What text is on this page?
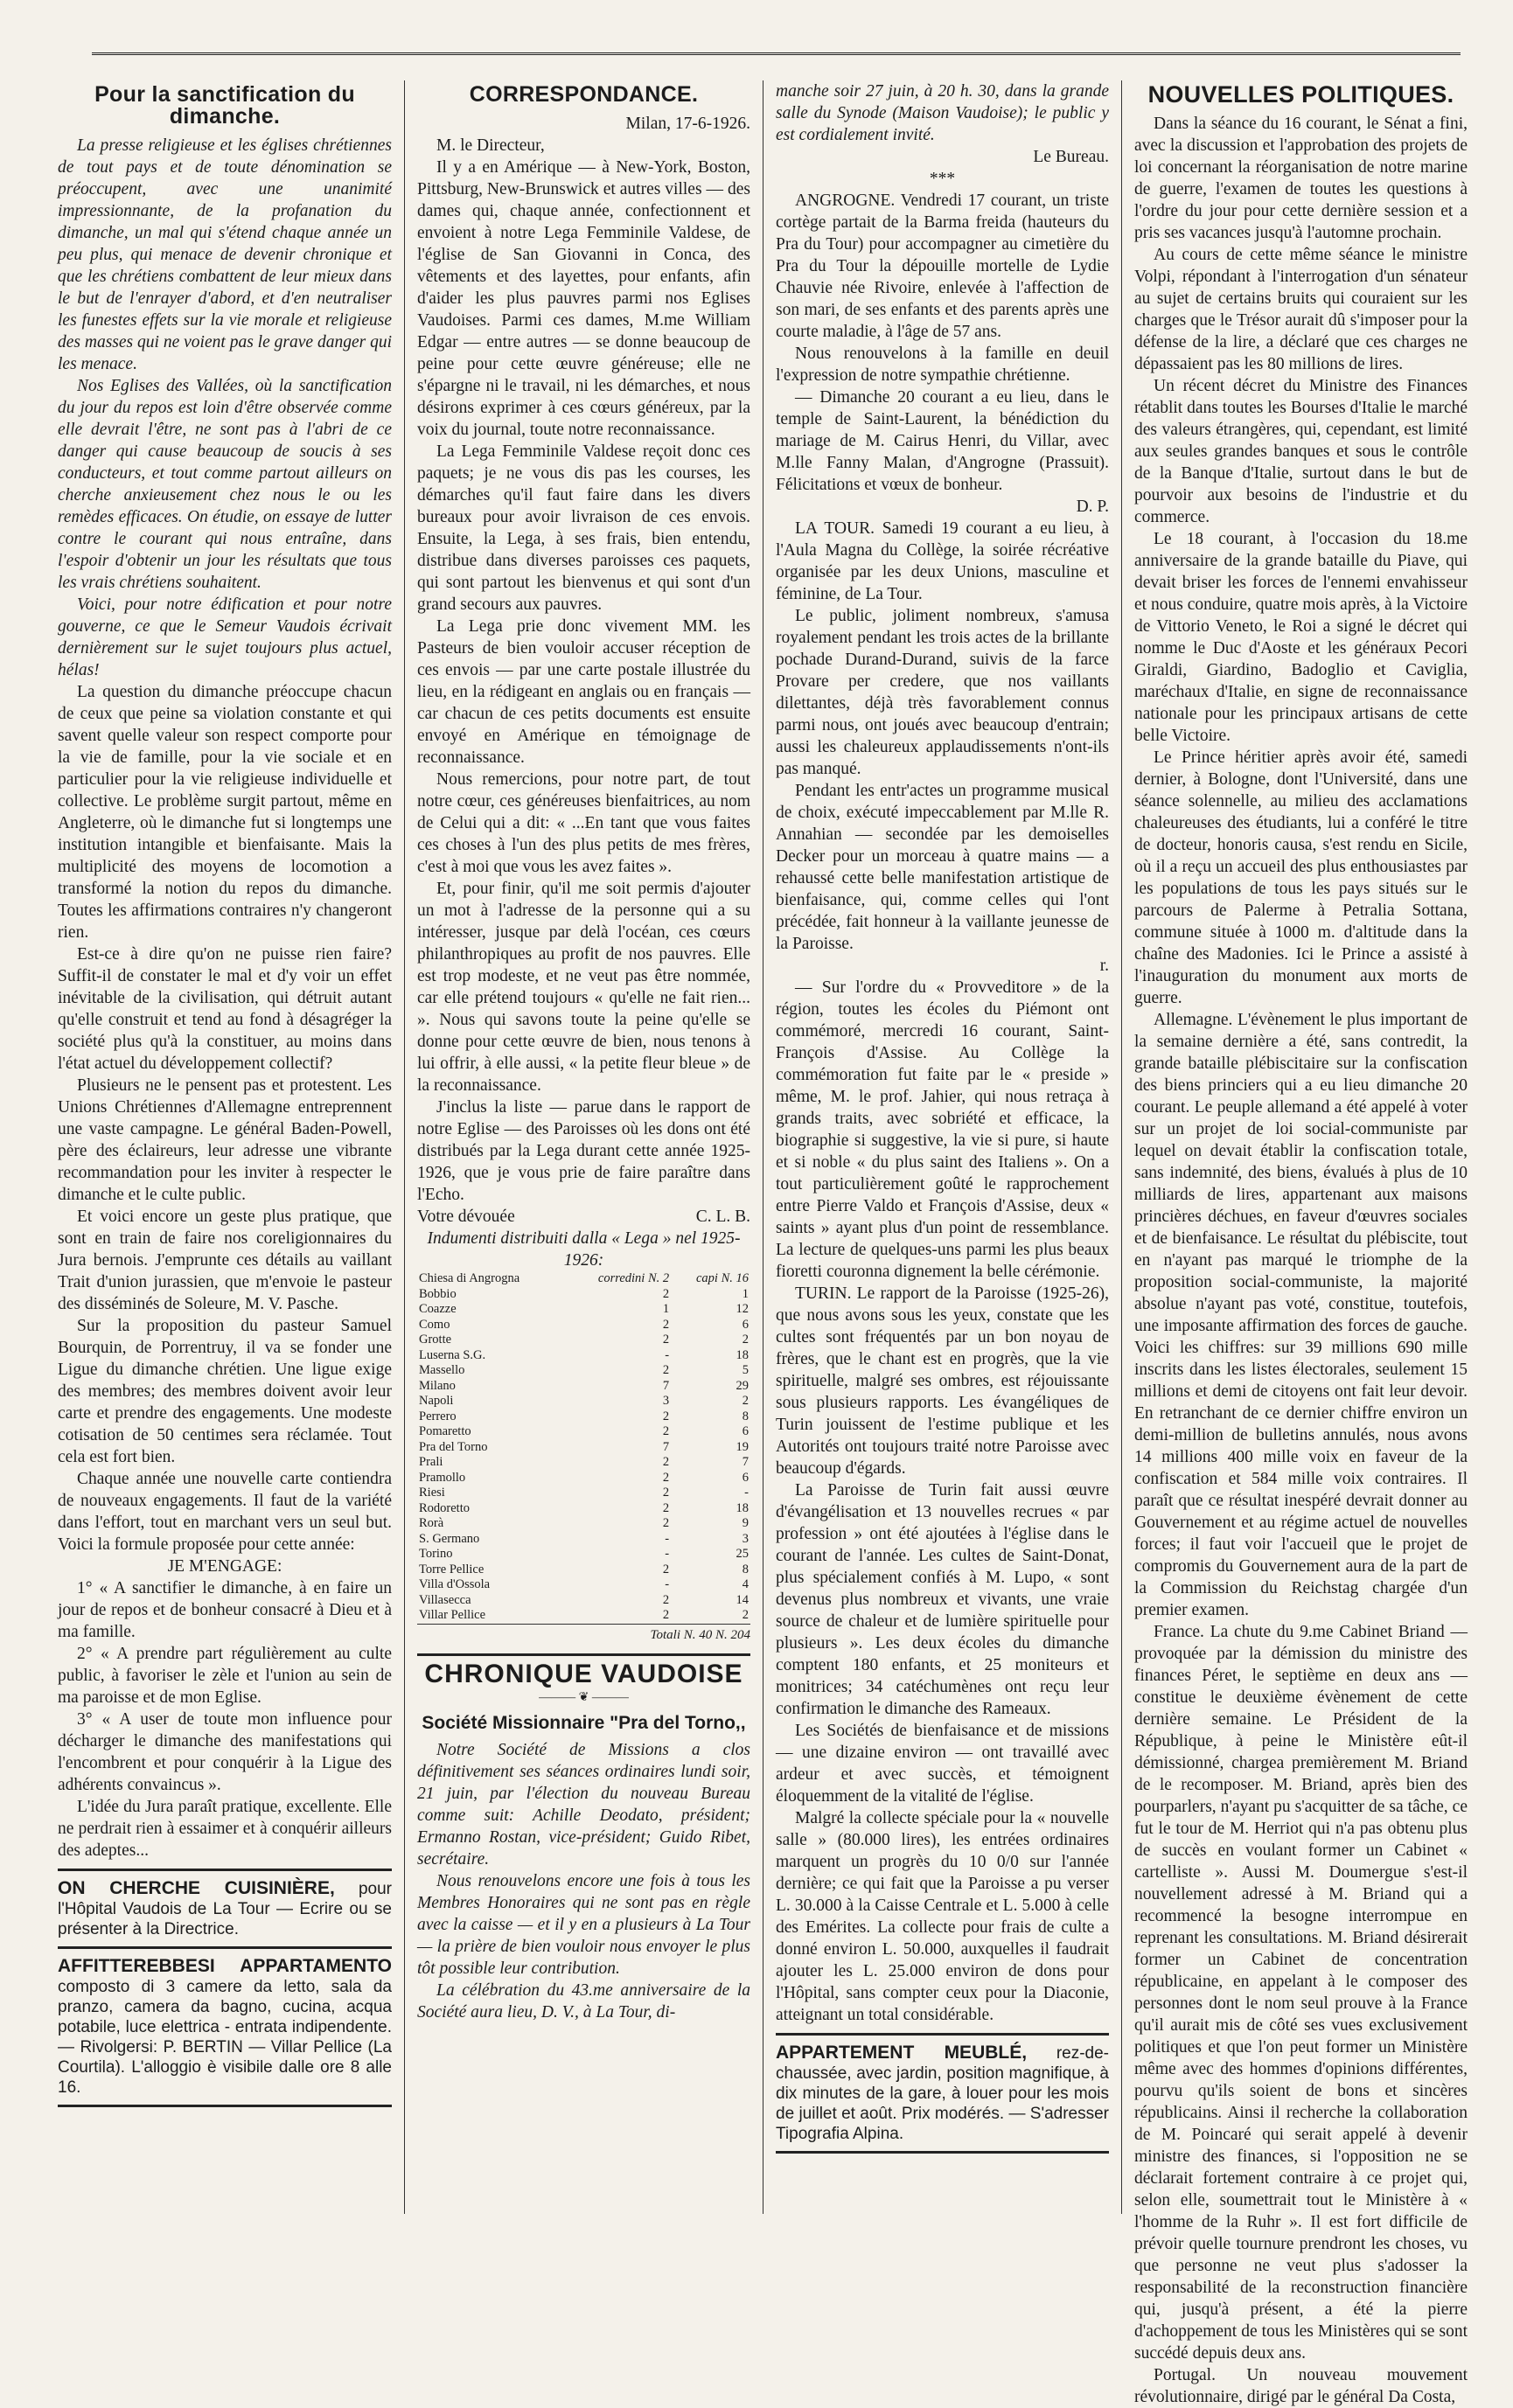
Pour la sanctification du dimanche.

La presse religieuse et les églises chrétiennes de tout pays et de toute dénomination se préoccupent, avec une unanimité impressionnante, de la profanation du dimanche, un mal qui s'étend chaque année un peu plus, qui menace de devenir chronique et que les chrétiens combattent de leur mieux dans le but de l'enrayer d'abord, et d'en neutraliser les funestes effets sur la vie morale et religieuse des masses qui ne voient pas le grave danger qui les menace.

Nos Eglises des Vallées, où la sanctification du jour du repos est loin d'être observée comme elle devrait l'être, ne sont pas à l'abri de ce danger qui cause beaucoup de soucis à ses conducteurs, et tout comme partout ailleurs on cherche anxieusement chez nous le ou les remèdes efficaces. On étudie, on essaye de lutter contre le courant qui nous entraîne, dans l'espoir d'obtenir un jour les résultats que tous les vrais chrétiens souhaitent.

Voici, pour notre édification et pour notre gouverne, ce que le Semeur Vaudois écrivait dernièrement sur le sujet toujours plus actuel, hélas!

La question du dimanche préoccupe chacun de ceux que peine sa violation constante et qui savent quelle valeur son respect comporte pour la vie de famille, pour la vie sociale et en particulier pour la vie religieuse individuelle et collective. Le problème surgit partout, même en Angleterre, où le dimanche fut si longtemps une institution intangible et bienfaisante. Mais la multiplicité des moyens de locomotion a transformé la notion du repos du dimanche. Toutes les affirmations contraires n'y changeront rien.

Est-ce à dire qu'on ne puisse rien faire? Suffit-il de constater le mal et d'y voir un effet inévitable de la civilisation, qui détruit autant qu'elle construit et tend au fond à désagréger la société plus qu'à la constituer, au moins dans l'état actuel du développement collectif?

Plusieurs ne le pensent pas et protestent. Les Unions Chrétiennes d'Allemagne entreprennent une vaste campagne. Le général Baden-Powell, père des éclaireurs, leur adresse une vibrante recommandation pour les inviter à respecter le dimanche et le culte public.

Et voici encore un geste plus pratique, que sont en train de faire nos coreligionnaires du Jura bernois. J'emprunte ces détails au vaillant Trait d'union jurassien, que m'envoie le pasteur des disséminés de Soleure, M. V. Pasche.

Sur la proposition du pasteur Samuel Bourquin, de Porrentruy, il va se fonder une Ligue du dimanche chrétien. Une ligue exige des membres; des membres doivent avoir leur carte et prendre des engagements. Une modeste cotisation de 50 centimes sera réclamée. Tout cela est fort bien.

Chaque année une nouvelle carte contiendra de nouveaux engagements. Il faut de la variété dans l'effort, tout en marchant vers un seul but. Voici la formule proposée pour cette année:

JE M'ENGAGE:

1° « A sanctifier le dimanche, à en faire un jour de repos et de bonheur consacré à Dieu et à ma famille.

2° « A prendre part régulièrement au culte public, à favoriser le zèle et l'union au sein de ma paroisse et de mon Eglise.

3° « A user de toute mon influence pour décharger le dimanche des manifestations qui l'encombrent et pour conquérir à la Ligue des adhérents convaincus ».

L'idée du Jura paraît pratique, excellente. Elle ne perdrait rien à essaimer et à conquérir ailleurs des adeptes...

ON CHERCHE CUISINIÈRE, pour l'Hôpital Vaudois de La Tour — Ecrire ou se présenter à la Directrice.

AFFITTEREBBESI APPARTAMENTO composto di 3 camere da letto, sala da pranzo, camera da bagno, cucina, acqua potabile, luce elettrica - entrata indipendente. — Rivolgersi: P. BERTIN — Villar Pellice (La Courtila). L'alloggio è visibile dalle ore 8 alle 16.

CORRESPONDANCE.

Milan, 17-6-1926.

M. le Directeur,

Il y a en Amérique — à New-York, Boston, Pittsburg, New-Brunswick et autres villes — des dames qui, chaque année, confectionnent et envoient à notre Lega Femminile Valdese, de l'église de San Giovanni in Conca, des vêtements et des layettes, pour enfants, afin d'aider les plus pauvres parmi nos Eglises Vaudoises. Parmi ces dames, M.me William Edgar — entre autres — se donne beaucoup de peine pour cette œuvre généreuse; elle ne s'épargne ni le travail, ni les démarches, et nous désirons exprimer à ces cœurs généreux, par la voix du journal, toute notre reconnaissance.

La Lega Femminile Valdese reçoit donc ces paquets; je ne vous dis pas les courses, les démarches qu'il faut faire dans les divers bureaux pour avoir livraison de ces envois. Ensuite, la Lega, à ses frais, bien entendu, distribue dans diverses paroisses ces paquets, qui sont partout les bienvenus et qui sont d'un grand secours aux pauvres.

La Lega prie donc vivement MM. les Pasteurs de bien vouloir accuser réception de ces envois — par une carte postale illustrée du lieu, en la rédigeant en anglais ou en français — car chacun de ces petits documents est ensuite envoyé en Amérique en témoignage de reconnaissance.

Nous remercions, pour notre part, de tout notre cœur, ces généreuses bienfaitrices, au nom de Celui qui a dit: « ...En tant que vous faites ces choses à l'un des plus petits de mes frères, c'est à moi que vous les avez faites ».

Et, pour finir, qu'il me soit permis d'ajouter un mot à l'adresse de la personne qui a su intéresser, jusque par delà l'océan, ces cœurs philanthropiques au profit de nos pauvres. Elle est trop modeste, et ne veut pas être nommée, car elle prétend toujours « qu'elle ne fait rien... ». Nous qui savons toute la peine qu'elle se donne pour cette œuvre de bien, nous tenons à lui offrir, à elle aussi, « la petite fleur bleue » de la reconnaissance.

J'inclus la liste — parue dans le rapport de notre Eglise — des Paroisses où les dons ont été distribués par la Lega durant cette année 1925-1926, que je vous prie de faire paraître dans l'Echo.

Votre dévouée	C. L. B.

Indumenti distribuiti dalla « Lega » nel 1925-1926:

Chiesa di Angrogna	corredini N. 2	capi N. 16
Bobbio	2	1
Coazze	1	12
Como	2	6
Grotte	2	2
Luserna S.G.	-	18
Massello	2	5
Milano	7	29
Napoli	3	2
Perrero	2	8
Pomaretto	2	6
Pra del Torno	7	19
Prali	2	7
Pramollo	2	6
Riesi	2	-
Rodoretto	2	18
Rorà	2	9
S. Germano	-	3
Torino	-	25
Torre Pellice	2	8
Villa d'Ossola	-	4
Villasecca	2	14
Villar Pellice	2	2
Totali N. 40 N. 204
CHRONIQUE VAUDOISE
——— ❦ ———
Société Missionnaire "Pra del Torno,,

Notre Société de Missions a clos définitivement ses séances ordinaires lundi soir, 21 juin, par l'élection du nouveau Bureau comme suit: Achille Deodato, président; Ermanno Rostan, vice-président; Guido Ribet, secrétaire.

Nous renouvelons encore une fois à tous les Membres Honoraires qui ne sont pas en règle avec la caisse — et il y en a plusieurs à La Tour — la prière de bien vouloir nous envoyer le plus tôt possible leur contribution.

La célébration du 43.me anniversaire de la Société aura lieu, D. V., à La Tour, di-

manche soir 27 juin, à 20 h. 30, dans la grande salle du Synode (Maison Vaudoise); le public y est cordialement invité.

Le Bureau.

***

ANGROGNE. Vendredi 17 courant, un triste cortège partait de la Barma freida (hauteurs du Pra du Tour) pour accompagner au cimetière du Pra du Tour la dépouille mortelle de Lydie Chauvie née Rivoire, enlevée à l'affection de son mari, de ses enfants et des parents après une courte maladie, à l'âge de 57 ans.

Nous renouvelons à la famille en deuil l'expression de notre sympathie chrétienne.

— Dimanche 20 courant a eu lieu, dans le temple de Saint-Laurent, la bénédiction du mariage de M. Cairus Henri, du Villar, avec M.lle Fanny Malan, d'Angrogne (Prassuit). Félicitations et vœux de bonheur.

D. P.

LA TOUR. Samedi 19 courant a eu lieu, à l'Aula Magna du Collège, la soirée récréative organisée par les deux Unions, masculine et féminine, de La Tour.

Le public, joliment nombreux, s'amusa royalement pendant les trois actes de la brillante pochade Durand-Durand, suivis de la farce Provare per credere, que nos vaillants dilettantes, déjà très favorablement connus parmi nous, ont joués avec beaucoup d'entrain; aussi les chaleureux applaudissements n'ont-ils pas manqué.

Pendant les entr'actes un programme musical de choix, exécuté impeccablement par M.lle R. Annahian — secondée par les demoiselles Decker pour un morceau à quatre mains — a rehaussé cette belle manifestation artistique de bienfaisance, qui, comme celles qui l'ont précédée, fait honneur à la vaillante jeunesse de la Paroisse.

r.

— Sur l'ordre du « Provveditore » de la région, toutes les écoles du Piémont ont commémoré, mercredi 16 courant, Saint-François d'Assise. Au Collège la commémoration fut faite par le « preside » même, M. le prof. Jahier, qui nous retraça à grands traits, avec sobriété et efficace, la biographie si suggestive, la vie si pure, si haute et si noble « du plus saint des Italiens ». On a tout particulièrement goûté le rapprochement entre Pierre Valdo et François d'Assise, deux « saints » ayant plus d'un point de ressemblance. La lecture de quelques-uns parmi les plus beaux fioretti couronna dignement la belle cérémonie.

TURIN. Le rapport de la Paroisse (1925-26), que nous avons sous les yeux, constate que les cultes sont fréquentés par un bon noyau de frères, que le chant est en progrès, que la vie spirituelle, malgré ses ombres, est réjouissante sous plusieurs rapports. Les évangéliques de Turin jouissent de l'estime publique et les Autorités ont toujours traité notre Paroisse avec beaucoup d'égards.

La Paroisse de Turin fait aussi œuvre d'évangélisation et 13 nouvelles recrues « par profession » ont été ajoutées à l'église dans le courant de l'année. Les cultes de Saint-Donat, plus spécialement confiés à M. Lupo, « sont devenus plus nombreux et vivants, une vraie source de chaleur et de lumière spirituelle pour plusieurs ». Les deux écoles du dimanche comptent 180 enfants, et 25 moniteurs et monitrices; 34 catéchumènes ont reçu leur confirmation le dimanche des Rameaux.

Les Sociétés de bienfaisance et de missions — une dizaine environ — ont travaillé avec ardeur et avec succès, et témoignent éloquemment de la vitalité de l'église.

Malgré la collecte spéciale pour la « nouvelle salle » (80.000 lires), les entrées ordinaires marquent un progrès du 10 0/0 sur l'année dernière; ce qui fait que la Paroisse a pu verser L. 30.000 à la Caisse Centrale et L. 5.000 à celle des Emérites. La collecte pour frais de culte a donné environ L. 50.000, auxquelles il faudrait ajouter les L. 25.000 environ de dons pour l'Hôpital, sans compter ceux pour la Diaconie, atteignant un total considérable.

APPARTEMENT MEUBLÉ, rez-de-chaussée, avec jardin, position magnifique, à dix minutes de la gare, à louer pour les mois de juillet et août. Prix modérés. — S'adresser Tipografia Alpina.

NOUVELLES POLITIQUES.

Dans la séance du 16 courant, le Sénat a fini, avec la discussion et l'approbation des projets de loi concernant la réorganisation de notre marine de guerre, l'examen de toutes les questions à l'ordre du jour pour cette dernière session et a pris ses vacances jusqu'à l'automne prochain.

Au cours de cette même séance le ministre Volpi, répondant à l'interrogation d'un sénateur au sujet de certains bruits qui couraient sur les charges que le Trésor aurait dû s'imposer pour la défense de la lire, a déclaré que ces charges ne dépassaient pas les 80 millions de lires.

Un récent décret du Ministre des Finances rétablit dans toutes les Bourses d'Italie le marché des valeurs étrangères, qui, cependant, est limité aux seules grandes banques et sous le contrôle de la Banque d'Italie, surtout dans le but de pourvoir aux besoins de l'industrie et du commerce.

Le 18 courant, à l'occasion du 18.me anniversaire de la grande bataille du Piave, qui devait briser les forces de l'ennemi envahisseur et nous conduire, quatre mois après, à la Victoire de Vittorio Veneto, le Roi a signé le décret qui nomme le Duc d'Aoste et les généraux Pecori Giraldi, Giardino, Badoglio et Caviglia, maréchaux d'Italie, en signe de reconnaissance nationale pour les principaux artisans de cette belle Victoire.

Le Prince héritier après avoir été, samedi dernier, à Bologne, dont l'Université, dans une séance solennelle, au milieu des acclamations chaleureuses des étudiants, lui a conféré le titre de docteur, honoris causa, s'est rendu en Sicile, où il a reçu un accueil des plus enthousiastes par les populations de tous les pays situés sur le parcours de Palerme à Petralia Sottana, commune située à 1000 m. d'altitude dans la chaîne des Madonies. Ici le Prince a assisté à l'inauguration du monument aux morts de guerre.

Allemagne. L'évènement le plus important de la semaine dernière a été, sans contredit, la grande bataille plébiscitaire sur la confiscation des biens princiers qui a eu lieu dimanche 20 courant. Le peuple allemand a été appelé à voter sur un projet de loi social-communiste par lequel on devait établir la confiscation totale, sans indemnité, des biens, évalués à plus de 10 milliards de lires, appartenant aux maisons princières déchues, en faveur d'œuvres sociales et de bienfaisance. Le résultat du plébiscite, tout en n'ayant pas marqué le triomphe de la proposition social-communiste, la majorité absolue n'ayant pas voté, constitue, toutefois, une imposante affirmation des forces de gauche. Voici les chiffres: sur 39 millions 690 mille inscrits dans les listes électorales, seulement 15 millions et demi de citoyens ont fait leur devoir. En retranchant de ce dernier chiffre environ un demi-million de bulletins annulés, nous avons 14 millions 400 mille voix en faveur de la confiscation et 584 mille voix contraires. Il paraît que ce résultat inespéré devrait donner au Gouvernement et au régime actuel de nouvelles forces; il faut voir l'accueil que le projet de compromis du Gouvernement aura de la part de la Commission du Reichstag chargée d'un premier examen.

France. La chute du 9.me Cabinet Briand — provoquée par la démission du ministre des finances Péret, le septième en deux ans — constitue le deuxième évènement de cette dernière semaine. Le Président de la République, à peine le Ministère eût-il démissionné, chargea premièrement M. Briand de le recomposer. M. Briand, après bien des pourparlers, n'ayant pu s'acquitter de sa tâche, ce fut le tour de M. Herriot qui n'a pas obtenu plus de succès en voulant former un Cabinet « cartelliste ». Aussi M. Doumergue s'est-il nouvellement adressé à M. Briand qui a recommencé la besogne interrompue en reprenant les consultations. M. Briand désirerait former un Cabinet de concentration républicaine, en appelant à le composer des personnes dont le nom seul prouve à la France qu'il aurait mis de côté ses vues exclusivement politiques et que l'on peut former un Ministère même avec des hommes d'opinions différentes, pourvu qu'ils soient de bons et sincères républicains. Ainsi il recherche la collaboration de M. Poincaré qui serait appelé à devenir ministre des finances, si l'opposition ne se déclarait fortement contraire à ce projet qui, selon elle, soumettrait tout le Ministère à « l'homme de la Ruhr ». Il est fort difficile de prévoir quelle tournure prendront les choses, vu que personne ne veut plus s'adosser la responsabilité de la reconstruction financière qui, jusqu'à présent, a été la pierre d'achoppement de tous les Ministères qui se sont succédé depuis deux ans.

Portugal. Un nouveau mouvement révolutionnaire, dirigé par le général Da Costa,
